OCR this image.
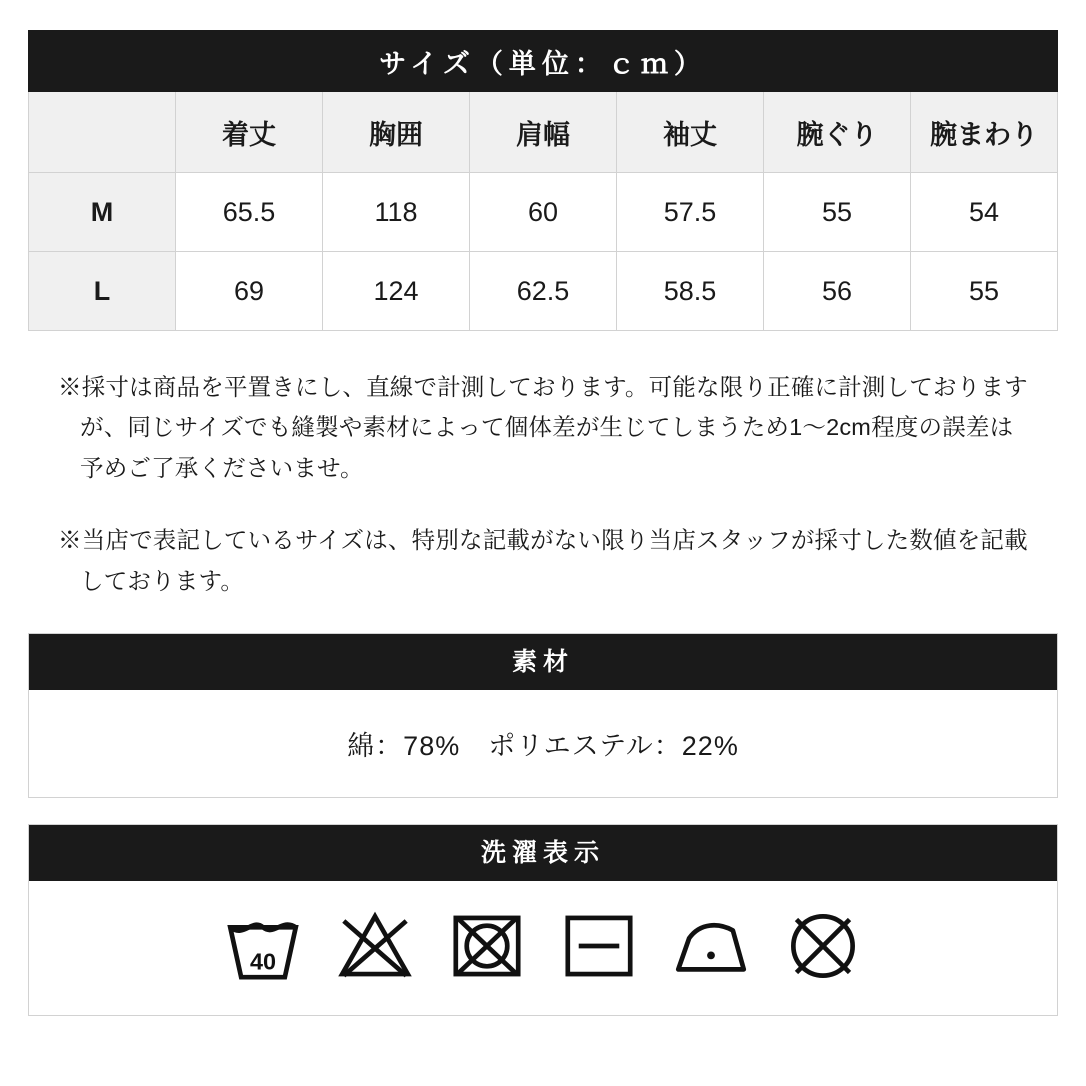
サイズ（単位：ｃｍ）						
	着丈	胸囲	肩幅	袖丈	腕ぐり	腕まわり
M	65.5	118	60	57.5	55	54
L	69	124	62.5	58.5	56	55

※採寸は商品を平置きにし、直線で計測しております。可能な限り正確に計測しておりますが、同じサイズでも縫製や素材によって個体差が生じてしまうため1〜2cm程度の誤差は予めご了承くださいませ。

※当店で表記しているサイズは、特別な記載がない限り当店スタッフが採寸した数値を記載しております。

素材
綿：78%　ポリエステル：22%
洗濯表示
40
